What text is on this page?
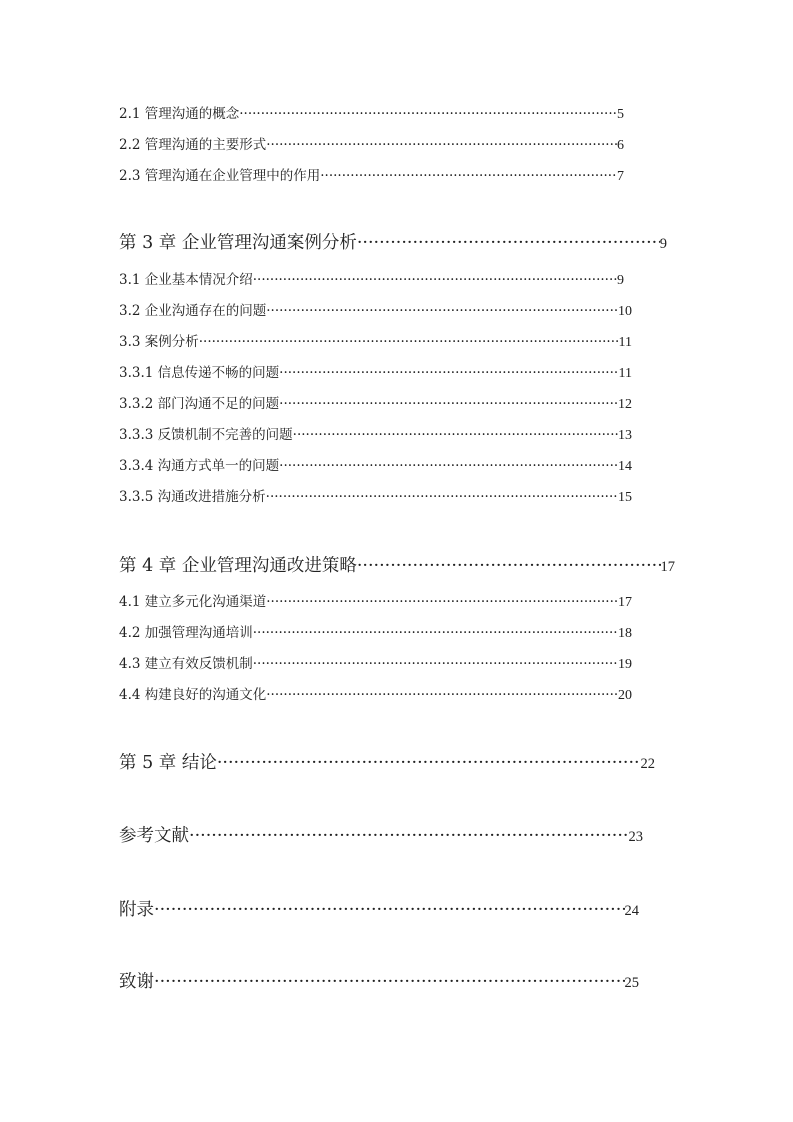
2.1 管理沟通的概念 ·····	5
2.2 管理沟通的主要形式 ·····	6
2.3 管理沟通在企业管理中的作用 ·····	7
第 3 章 企业管理沟通案例分析 ·····	9
3.1 企业基本情况介绍 ·····	9
3.2 企业沟通存在的问题 ·····	10
3.3 案例分析 ·····	11
3.3.1 信息传递不畅的问题 ·····	11
3.3.2 部门沟通不足的问题 ·····	12
3.3.3 反馈机制不完善的问题 ·····	13
3.3.4 沟通方式单一的问题 ·····	14
3.3.5 沟通改进措施分析 ·····	15
第 4 章 企业管理沟通改进策略 ·····	17
4.1 建立多元化沟通渠道 ·····	17
4.2 加强管理沟通培训 ·····	18
4.3 建立有效反馈机制 ·····	19
4.4 构建良好的沟通文化 ·····	20
第 5 章 结论 ·····	22
参考文献 ·····	23
附录 ·····	24
致谢 ·····	25
